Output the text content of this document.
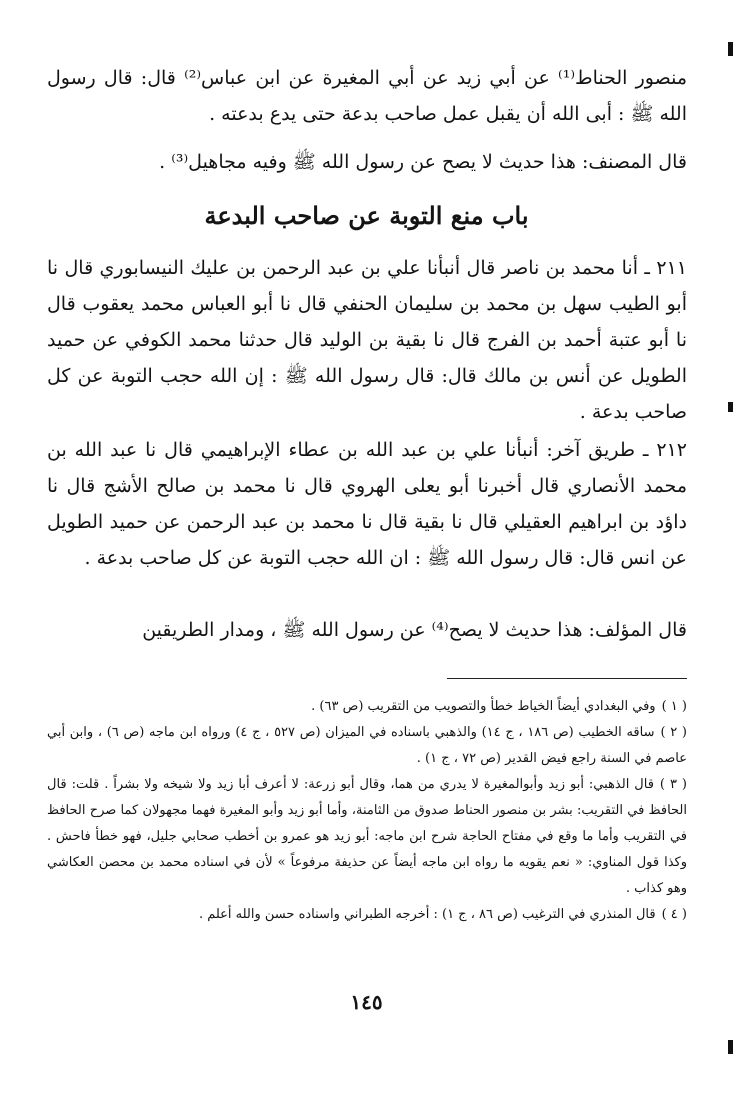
منصور الحناط⁽¹⁾ عن أبي زيد عن أبي المغيرة عن ابن عباس⁽²⁾ قال: قال رسول الله ﷺ : أبى الله أن يقبل عمل صاحب بدعة حتى يدع بدعته .

قال المصنف: هذا حديث لا يصح عن رسول الله ﷺ وفيه مجاهيل⁽³⁾ .

باب منع التوبة عن صاحب البدعة

٢١١ ـ أنا محمد بن ناصر قال أنبأنا علي بن عبد الرحمن بن عليك النيسابوري قال نا أبو الطيب سهل بن محمد بن سليمان الحنفي قال نا أبو العباس محمد يعقوب قال نا أبو عتبة أحمد بن الفرج قال نا بقية بن الوليد قال حدثنا محمد الكوفي عن حميد الطويل عن أنس بن مالك قال: قال رسول الله ﷺ : إن الله حجب التوبة عن كل صاحب بدعة .

٢١٢ ـ طريق آخر: أنبأنا علي بن عبد الله بن عطاء الإبراهيمي قال نا عبد الله بن محمد الأنصاري قال أخبرنا أبو يعلى الهروي قال نا محمد بن صالح الأشج قال نا داؤد بن ابراهيم العقيلي قال نا بقية قال نا محمد بن عبد الرحمن عن حميد الطويل عن انس قال: قال رسول الله ﷺ : ان الله حجب التوبة عن كل صاحب بدعة .

قال المؤلف: هذا حديث لا يصح⁽⁴⁾ عن رسول الله ﷺ ، ومدار الطريقين

( ١ )وفي البغدادي أيضاً الخياط خطأ والتصويب من التقريب (ص ٦٣) .

( ٢ )ساقه الخطيب (ص ١٨٦ ، ج ١٤) والذهبي باسناده في الميزان (ص ٥٢٧ ، ج ٤) ورواه ابن ماجه (ص ٦) ، وابن أبي عاصم في السنة راجع فيض القدير (ص ٧٢ ، ج ١) .

( ٣ )قال الذهبي: أبو زيد وأبوالمغيرة لا يدري من هما، وقال أبو زرعة: لا أعرف أبا زيد ولا شيخه ولا بشراً . قلت: قال الحافظ في التقريب: بشر بن منصور الحناط صدوق من الثامنة، وأما أبو زيد وأبو المغيرة فهما مجهولان كما صرح الحافظ في التقريب وأما ما وقع في مفتاح الحاجة شرح ابن ماجه: أبو زيد هو عمرو بن أخطب صحابي جليل، فهو خطأ فاحش . وكذا قول المناوي: « نعم يقويه ما رواه ابن ماجه أيضاً عن حذيفة مرفوعاً » لأن في اسناده محمد بن محصن العكاشي وهو كذاب .

( ٤ )قال المنذري في الترغيب (ص ٨٦ ، ج ١) : أخرجه الطبراني واسناده حسن والله أعلم .

١٤٥
